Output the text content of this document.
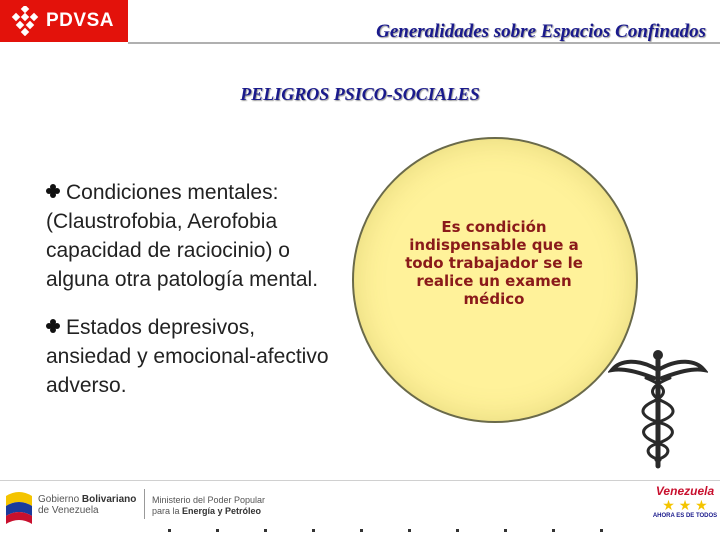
PDVSA
Generalidades sobre Espacios Confinados
PELIGROS PSICO-SOCIALES
Condiciones mentales: (Claustrofobia, Aerofobia capacidad de raciocinio) o alguna otra patología mental.
Estados depresivos, ansiedad y emocional-afectivo adverso.
Es condición indispensable que a todo trabajador se le realice un examen médico
Gobierno Bolivariano
de Venezuela
Ministerio del Poder Popular
para la Energía y Petróleo
Venezuela
★ ★ ★
AHORA ES DE TODOS
